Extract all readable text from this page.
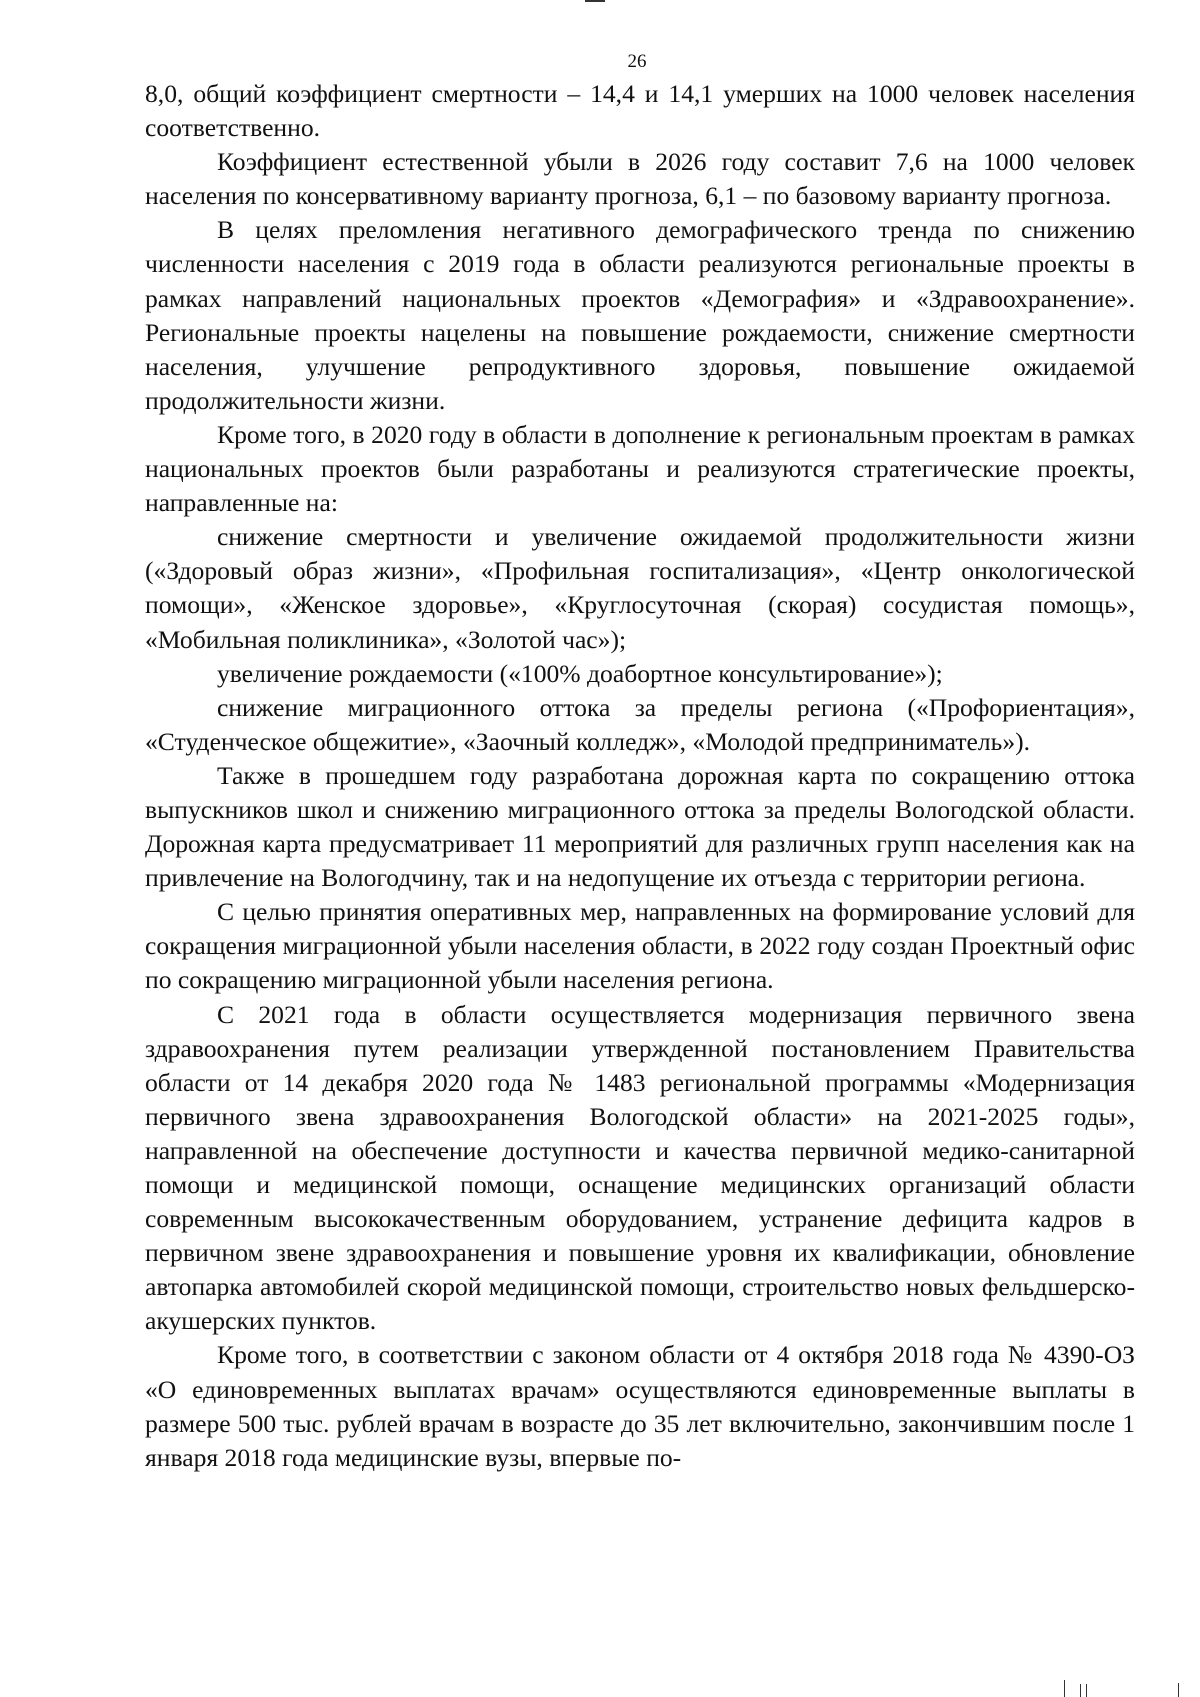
26

8,0, общий коэффициент смертности – 14,4 и 14,1 умерших на 1000 человек населения соответственно.

Коэффициент естественной убыли в 2026 году составит 7,6 на 1000 человек населения по консервативному варианту прогноза, 6,1 – по базовому варианту прогноза.

В целях преломления негативного демографического тренда по снижению численности населения с 2019 года в области реализуются региональные проекты в рамках направлений национальных проектов «Демография» и «Здравоохранение». Региональные проекты нацелены на повышение рождаемости, снижение смертности населения, улучшение репродуктивного здоровья, повышение ожидаемой продолжительности жизни.

Кроме того, в 2020 году в области в дополнение к региональным проектам в рамках национальных проектов были разработаны и реализуются стратегические проекты, направленные на:

снижение смертности и увеличение ожидаемой продолжительности жизни («Здоровый образ жизни», «Профильная госпитализация», «Центр онкологической помощи», «Женское здоровье», «Круглосуточная (скорая) сосудистая помощь», «Мобильная поликлиника», «Золотой час»);

увеличение рождаемости («100% доабортное консультирование»);

снижение миграционного оттока за пределы региона («Профориентация», «Студенческое общежитие», «Заочный колледж», «Молодой предприниматель»).

Также в прошедшем году разработана дорожная карта по сокращению оттока выпускников школ и снижению миграционного оттока за пределы Вологодской области. Дорожная карта предусматривает 11 мероприятий для различных групп населения как на привлечение на Вологодчину, так и на недопущение их отъезда с территории региона.

С целью принятия оперативных мер, направленных на формирование условий для сокращения миграционной убыли населения области, в 2022 году создан Проектный офис по сокращению миграционной убыли населения региона.

С 2021 года в области осуществляется модернизация первичного звена здравоохранения путем реализации утвержденной постановлением Правительства области от 14 декабря 2020 года № 1483 региональной программы «Модернизация первичного звена здравоохранения Вологодской области» на 2021-2025 годы», направленной на обеспечение доступности и качества первичной медико-санитарной помощи и медицинской помощи, оснащение медицинских организаций области современным высококачественным оборудованием, устранение дефицита кадров в первичном звене здравоохранения и повышение уровня их квалификации, обновление автопарка автомобилей скорой медицинской помощи, строительство новых фельдшерско-акушерских пунктов.

Кроме того, в соответствии с законом области от 4 октября 2018 года № 4390-ОЗ «О единовременных выплатах врачам» осуществляются единовременные выплаты в размере 500 тыс. рублей врачам в возрасте до 35 лет включительно, закончившим после 1 января 2018 года медицинские вузы, впервые по-
